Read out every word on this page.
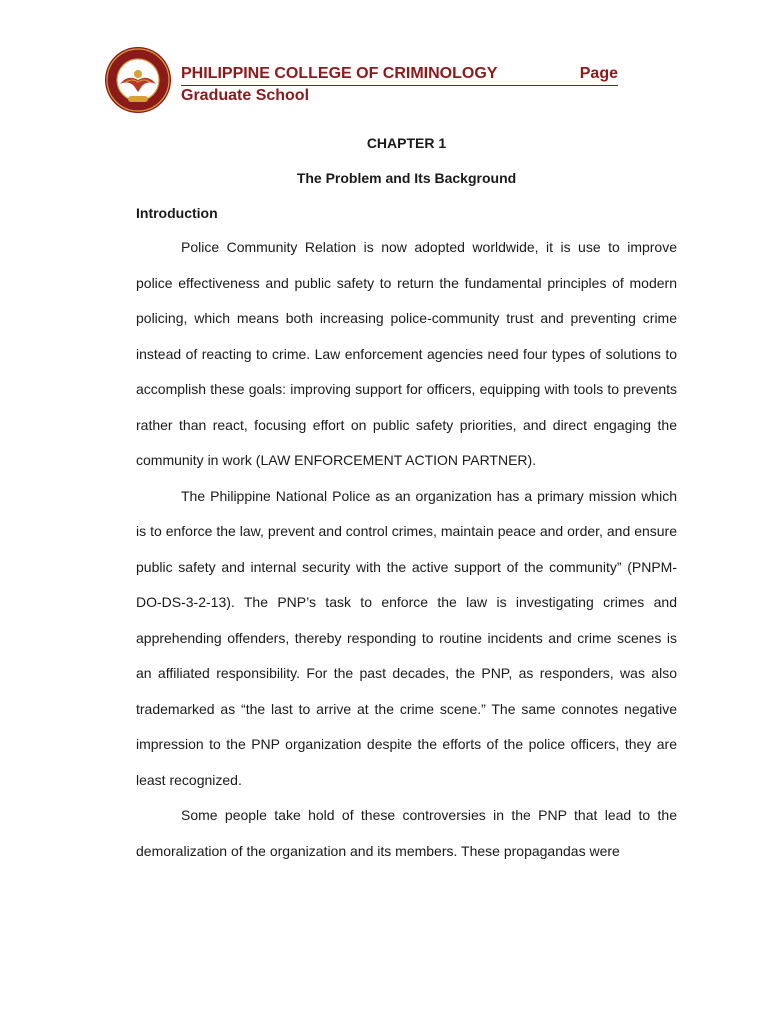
PHILIPPINE COLLEGE OF CRIMINOLOGY	Page
Graduate School
CHAPTER 1
The Problem and Its Background
Introduction

Police Community Relation is now adopted worldwide, it is use to improve police effectiveness and public safety to return the fundamental principles of modern policing, which means both increasing police-community trust and preventing crime instead of reacting to crime. Law enforcement agencies need four types of solutions to accomplish these goals: improving support for officers, equipping with tools to prevents rather than react, focusing effort on public safety priorities, and direct engaging the community in work (LAW ENFORCEMENT ACTION PARTNER).

The Philippine National Police as an organization has a primary mission which is to enforce the law, prevent and control crimes, maintain peace and order, and ensure public safety and internal security with the active support of the community” (PNPM-DO-DS-3-2-13). The PNP’s task to enforce the law is investigating crimes and apprehending offenders, thereby responding to routine incidents and crime scenes is an affiliated responsibility. For the past decades, the PNP, as responders, was also trademarked as “the last to arrive at the crime scene.” The same connotes negative impression to the PNP organization despite the efforts of the police officers, they are least recognized.

Some people take hold of these controversies in the PNP that lead to the demoralization of the organization and its members. These propagandas were
